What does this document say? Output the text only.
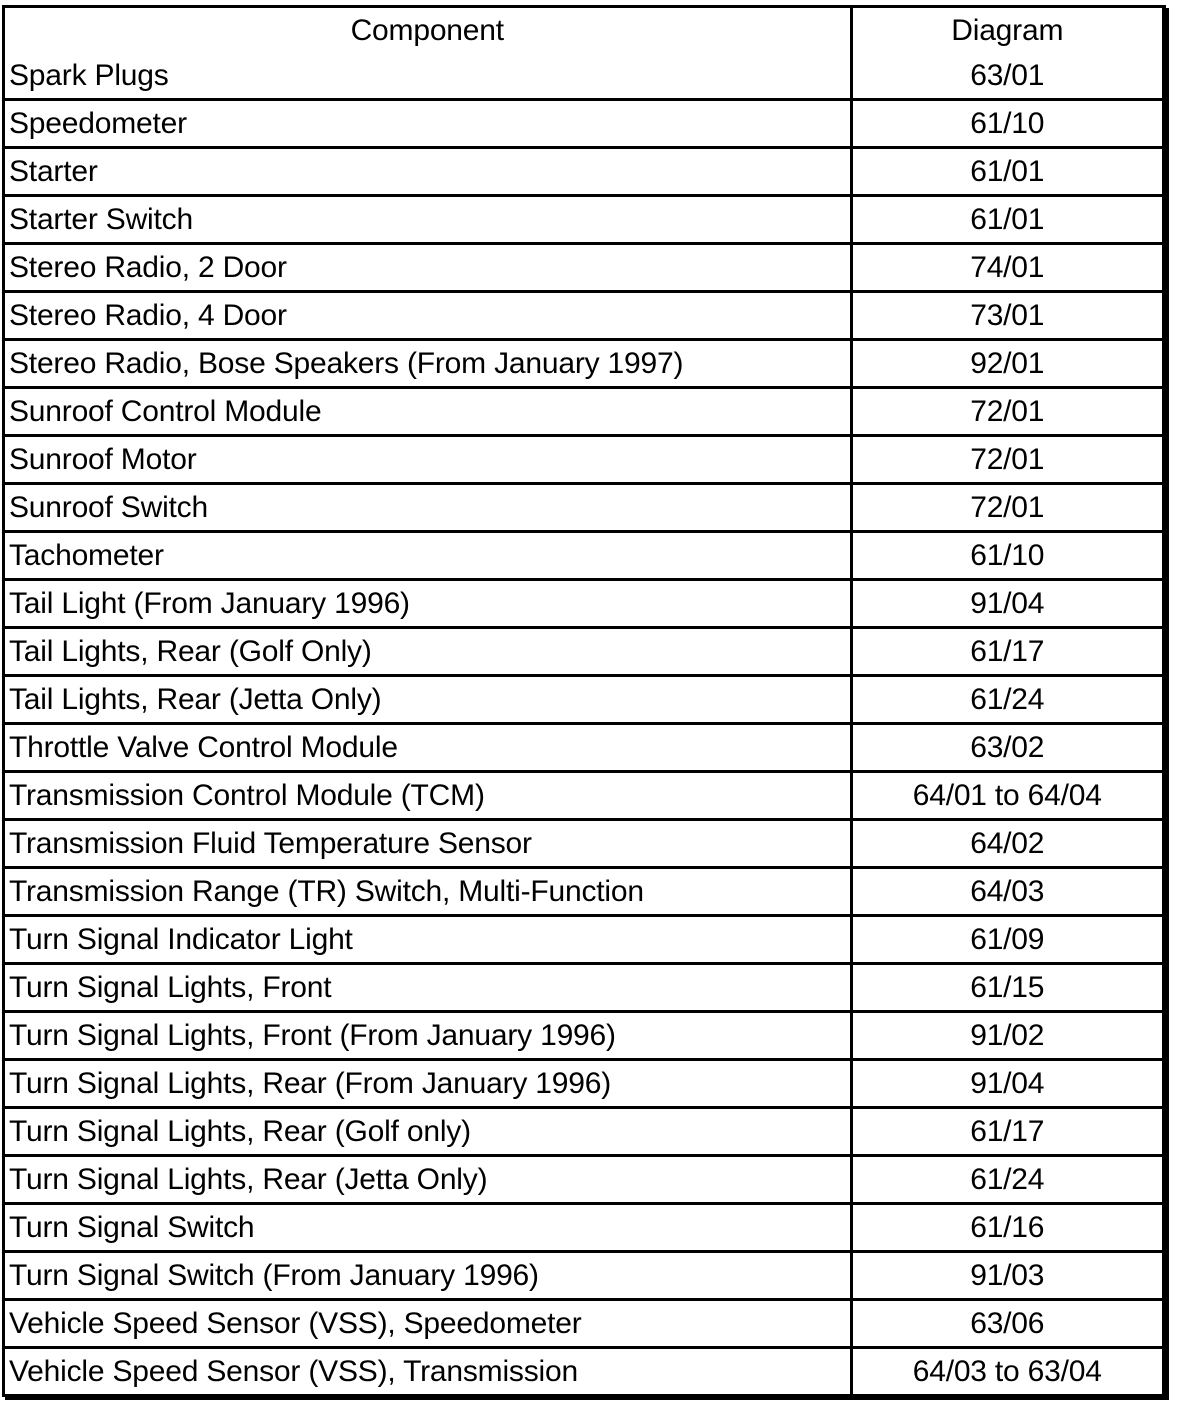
Component	Diagram
Spark Plugs	63/01
Speedometer	61/10
Starter	61/01
Starter Switch	61/01
Stereo Radio, 2 Door	74/01
Stereo Radio, 4 Door	73/01
Stereo Radio, Bose Speakers (From January 1997)	92/01
Sunroof Control Module	72/01
Sunroof Motor	72/01
Sunroof Switch	72/01
Tachometer	61/10
Tail Light (From January 1996)	91/04
Tail Lights, Rear (Golf Only)	61/17
Tail Lights, Rear (Jetta Only)	61/24
Throttle Valve Control Module	63/02
Transmission Control Module (TCM)	64/01 to 64/04
Transmission Fluid Temperature Sensor	64/02
Transmission Range (TR) Switch, Multi-Function	64/03
Turn Signal Indicator Light	61/09
Turn Signal Lights, Front	61/15
Turn Signal Lights, Front (From January 1996)	91/02
Turn Signal Lights, Rear (From January 1996)	91/04
Turn Signal Lights, Rear (Golf only)	61/17
Turn Signal Lights, Rear (Jetta Only)	61/24
Turn Signal Switch	61/16
Turn Signal Switch (From January 1996)	91/03
Vehicle Speed Sensor (VSS), Speedometer	63/06
Vehicle Speed Sensor (VSS), Transmission	64/03 to 63/04
